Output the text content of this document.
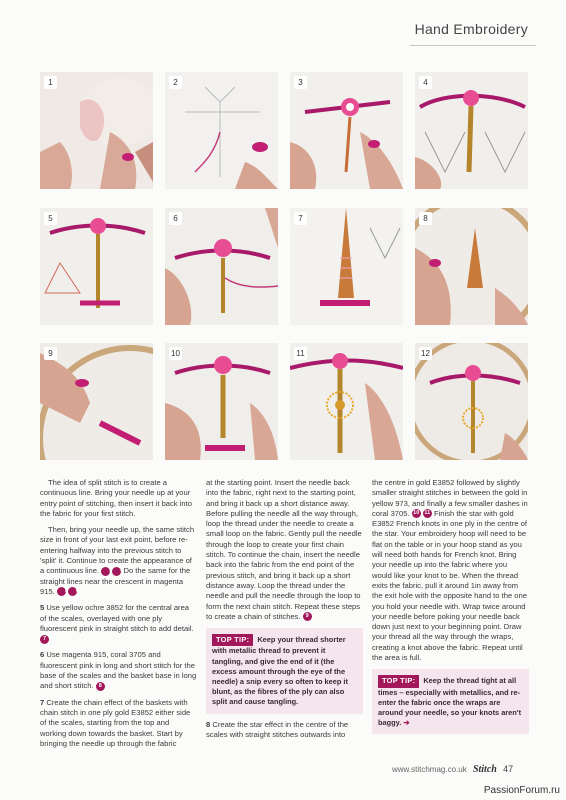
Hand Embroidery
1	2	3	4
5	6	7	8
9	10	11	12

The idea of split stitch is to create a continuous line. Bring your needle up at your entry point of stitching, then insert it back into the fabric for your first stitch.

Then, bring your needle up, the same stitch size in front of your last exit point, before re-entering halfway into the previous stitch to 'split' it. Continue to create the appearance of a continuous line. 3 4 Do the same for the straight lines near the crescent in magenta 915. 5 6

5 Use yellow ochre 3852 for the central area of the scales, overlayed with one ply fluorescent pink in straight stitch to add detail. 7

6 Use magenta 915, coral 3705 and fluorescent pink in long and short stitch for the base of the scales and the basket base in long and short stitch. 8

7 Create the chain effect of the baskets with chain stitch in one ply gold E3852 either side of the scales, starting from the top and working down towards the basket. Start by bringing the needle up through the fabric

at the starting point. Insert the needle back into the fabric, right next to the starting point, and bring it back up a short distance away. Before pulling the needle all the way through, loop the thread under the needle to create a small loop on the fabric. Gently pull the needle through the loop to create your first chain stitch. To continue the chain, insert the needle back into the fabric from the end point of the previous stitch, and bring it back up a short distance away. Loop the thread under the needle and pull the needle through the loop to form the next chain stitch. Repeat these steps to create a chain of stitches. 9

TOP TIP: Keep your thread shorter with metallic thread to prevent it tangling, and give the end of it (the excess amount through the eye of the needle) a snip every so often to keep it blunt, as the fibres of the ply can also split and cause tangling.

8 Create the star effect in the centre of the scales with straight stitches outwards into

the centre in gold E3852 followed by slightly smaller straight stitches in between the gold in yellow 973, and finally a few smaller dashes in coral 3705. 10 11 Finish the star with gold E3852 French knots in one ply in the centre of the star. Your embroidery hoop will need to be flat on the table or in your hoop stand as you will need both hands for French knot. Bring your needle up into the fabric where you would like your knot to be. When the thread exits the fabric, pull it around 1in away from the exit hole with the opposite hand to the one you hold your needle with. Wrap twice around your needle before poking your needle back down just next to your beginning point. Draw your thread all the way through the wraps, creating a knot above the fabric. Repeat until the area is full.

TOP TIP: Keep the thread tight at all times – especially with metallics, and re-enter the fabric once the wraps are around your needle, so your knots aren't baggy. ➔
www.stitchmag.co.uk Stitch 47
PassionForum.ru
